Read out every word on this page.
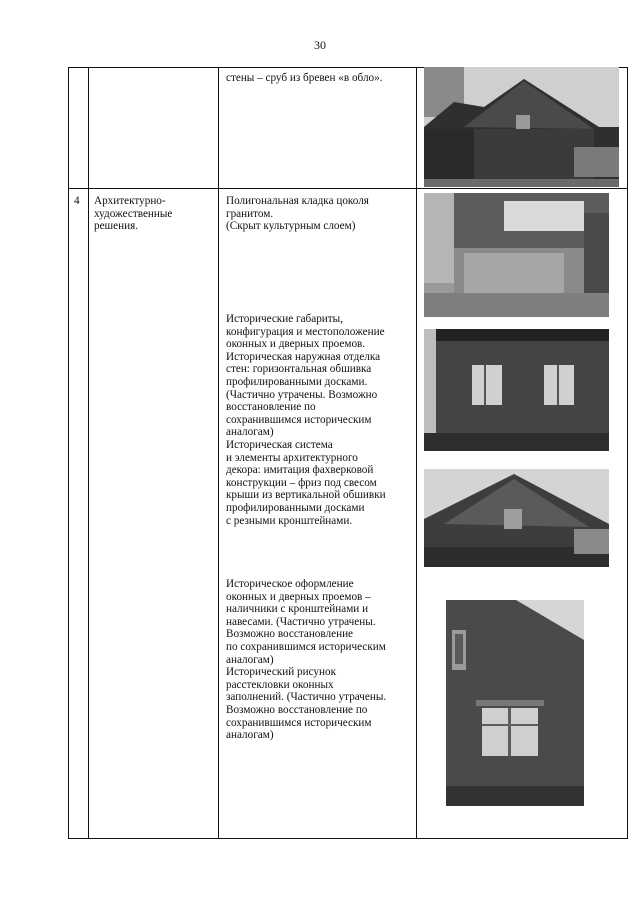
30
стены – сруб из бревен «в обло».
4 Архитектурно-
художественные
решения.
Полигональная кладка цоколя
гранитом.
(Скрыт культурным слоем)
Исторические габариты,
конфигурация и местоположение
оконных и дверных проемов.
Историческая наружная отделка
стен: горизонтальная обшивка
профилированными досками.
(Частично утрачены. Возможно
восстановление по
сохранившимся историческим
аналогам)
Историческая система
и элементы архитектурного
декора: имитация фахверковой
конструкции – фриз под свесом
крыши из вертикальной обшивки
профилированными досками
с резными кронштейнами.
Историческое оформление
оконных и дверных проемов –
наличники с кронштейнами и
навесами. (Частично утрачены.
Возможно восстановление
по сохранившимся историческим
аналогам)
Исторический рисунок
расстекловки оконных
заполнений. (Частично утрачены.
Возможно восстановление по
сохранившимся историческим
аналогам)
